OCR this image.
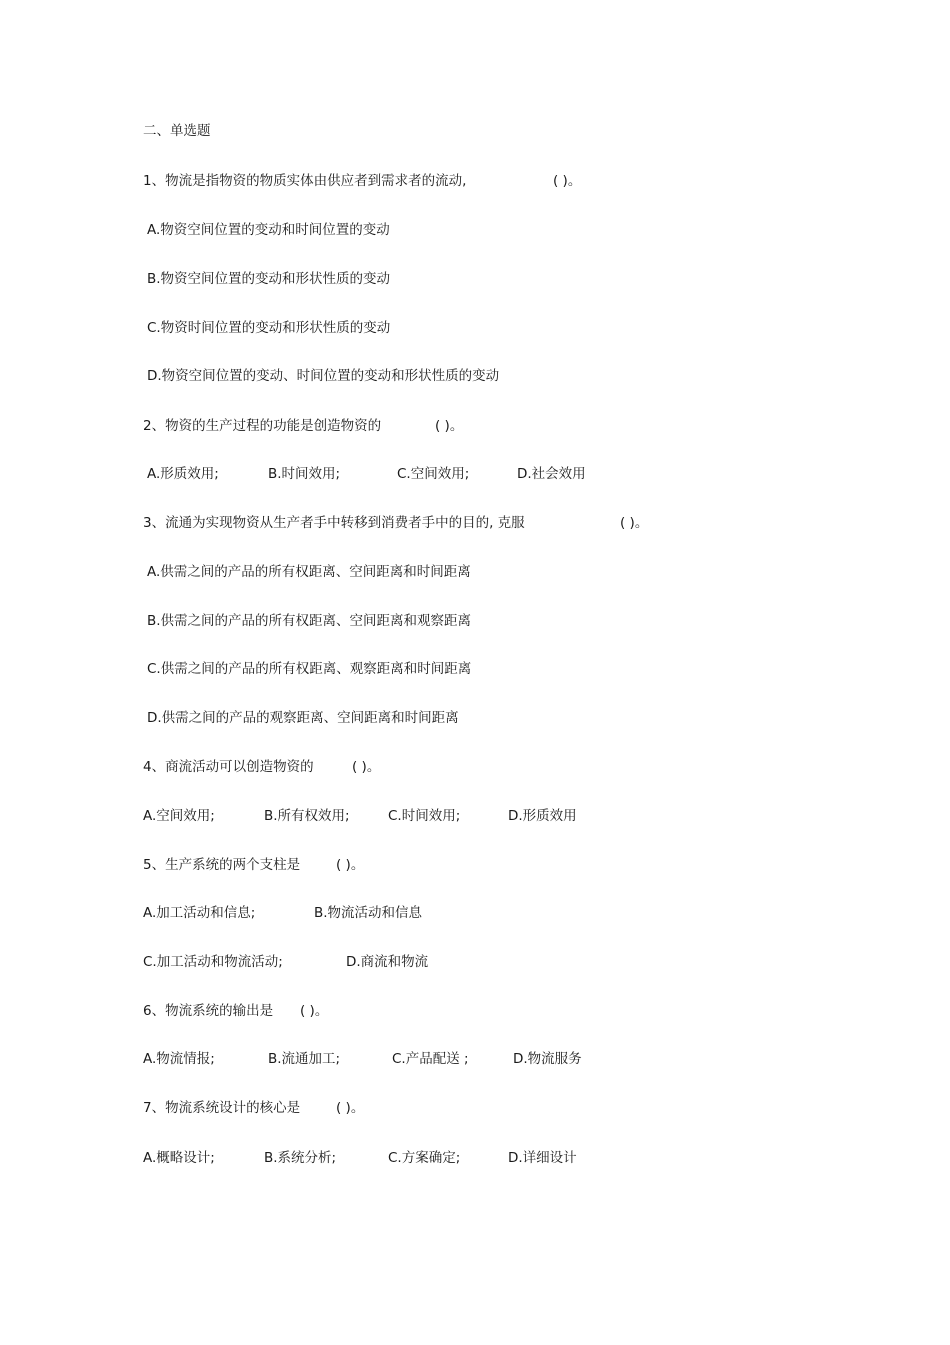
二、单选题
1、物流是指物资的物质实体由供应者到需求者的流动,	( )。
A.物资空间位置的变动和时间位置的变动
B.物资空间位置的变动和形状性质的变动
C.物资时间位置的变动和形状性质的变动
D.物资空间位置的变动、时间位置的变动和形状性质的变动
2、物资的生产过程的功能是创造物资的	( )。
A.形质效用;	B.时间效用;	C.空间效用;	D.社会效用
3、流通为实现物资从生产者手中转移到消费者手中的目的, 克服	( )。
A.供需之间的产品的所有权距离、空间距离和时间距离
B.供需之间的产品的所有权距离、空间距离和观察距离
C.供需之间的产品的所有权距离、观察距离和时间距离
D.供需之间的产品的观察距离、空间距离和时间距离
4、商流活动可以创造物资的	( )。
A.空间效用;	B.所有权效用;	C.时间效用;	D.形质效用
5、生产系统的两个支柱是	( )。
A.加工活动和信息;	B.物流活动和信息
C.加工活动和物流活动;	D.商流和物流
6、物流系统的输出是 ( )。
A.物流情报;	B.流通加工;	C.产品配送 ;	D.物流服务
7、物流系统设计的核心是	( )。
A.概略设计;	B.系统分析;	C.方案确定;	D.详细设计
